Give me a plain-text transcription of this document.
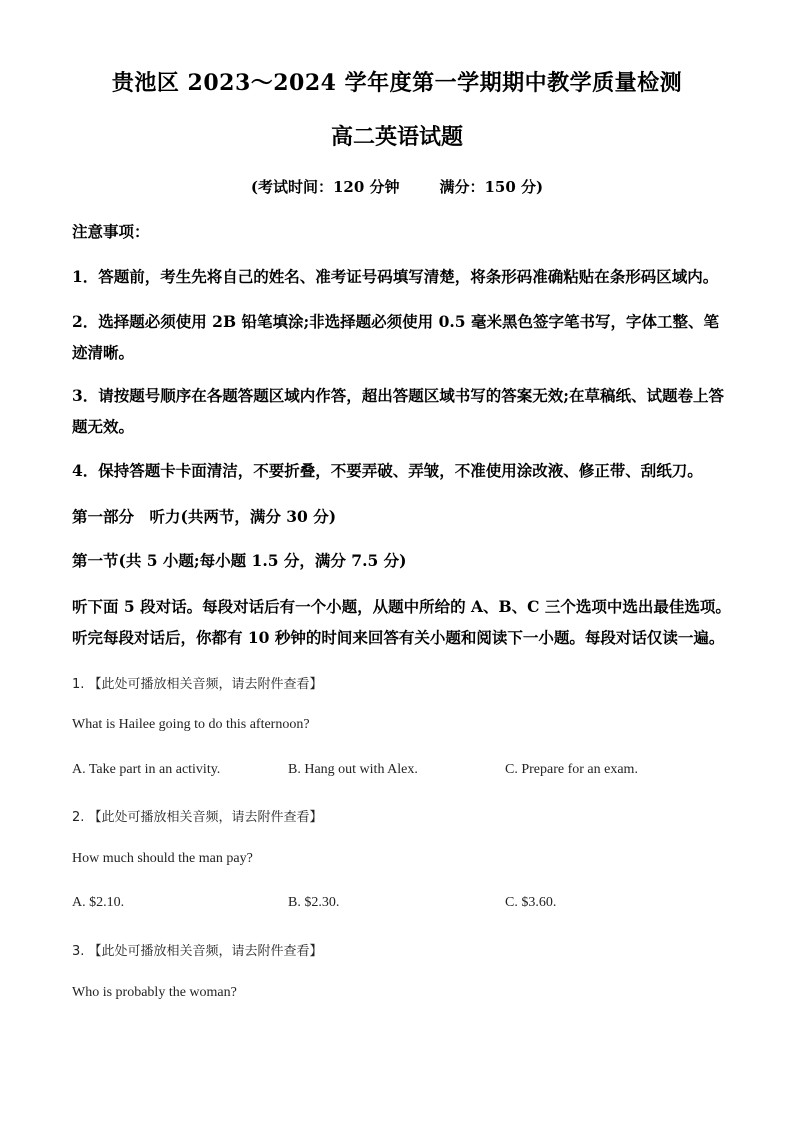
贵池区 2023～2024 学年度第一学期期中教学质量检测
高二英语试题
(考试时间：120 分钟	满分：150 分)
注意事项：
1．答题前，考生先将自己的姓名、准考证号码填写清楚，将条形码准确粘贴在条形码区域内。
2．选择题必须使用 2B 铅笔填涂;非选择题必须使用 0.5 毫米黑色签字笔书写，字体工整、笔迹清晰。
3．请按题号顺序在各题答题区域内作答，超出答题区域书写的答案无效;在草稿纸、试题卷上答题无效。
4．保持答题卡卡面清洁，不要折叠，不要弄破、弄皱，不准使用涂改液、修正带、刮纸刀。
第一部分　听力(共两节，满分 30 分)
第一节(共 5 小题;每小题 1.5 分，满分 7.5 分)
听下面 5 段对话。每段对话后有一个小题，从题中所给的 A、B、C 三个选项中选出最佳选项。听完每段对话后，你都有 10 秒钟的时间来回答有关小题和阅读下一小题。每段对话仅读一遍。
1. 【此处可播放相关音频，请去附件查看】
What is Hailee going to do this afternoon?
A. Take part in an activity.	B. Hang out with Alex.	C. Prepare for an exam.
2. 【此处可播放相关音频，请去附件查看】
How much should the man pay?
A. $2.10.	B. $2.30.	C. $3.60.
3. 【此处可播放相关音频，请去附件查看】
Who is probably the woman?
